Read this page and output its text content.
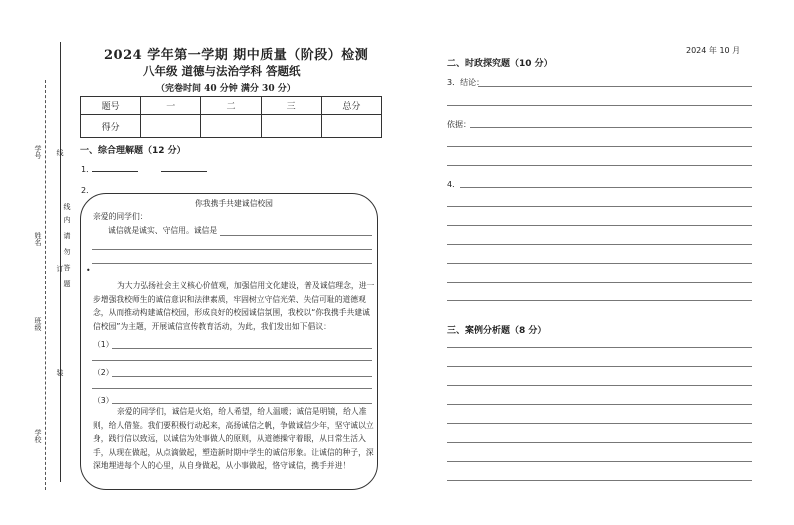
学号
姓名
班级
学校
线
订
装
线
内
请
勿
答
题
2024 学年第一学期 期中质量（阶段）检测
八年级 道德与法治学科 答题纸
（完卷时间 40 分钟 满分 30 分）
2024 年 10 月
题号	一	二	三	总分
得分				
一、综合理解题（12 分）
1．
2．
你我携手共建诚信校园
亲爱的同学们：
诚信就是诚实、守信用。诚信是
•
为大力弘扬社会主义核心价值观，加强信用文化建设，普及诚信理念，进一步增强我校师生的诚信意识和法律素质，牢固树立守信光荣、失信可耻的道德观念，从而推动构建诚信校园，形成良好的校园诚信氛围，我校以“你我携手共建诚信校园”为主题，开展诚信宣传教育活动，为此，我们发出如下倡议：
（1）
（2）
（3）
亲爱的同学们，诚信是火焰，给人希望，给人温暖；诚信是明镜，给人准则，给人借鉴。我们要积极行动起来，高扬诚信之帆，争做诚信少年，坚守诚以立身，践行信以致远，以诚信为处事做人的原则，从道德操守着眼，从日常生活入手，从现在做起，从点滴做起，塑造新时期中学生的诚信形象。让诚信的种子，深深地埋进每个人的心里，从自身做起，从小事做起，恪守诚信，携手并进！
二、时政探究题（10 分）
3．结论：
依据：
4．
三、案例分析题（8 分）
